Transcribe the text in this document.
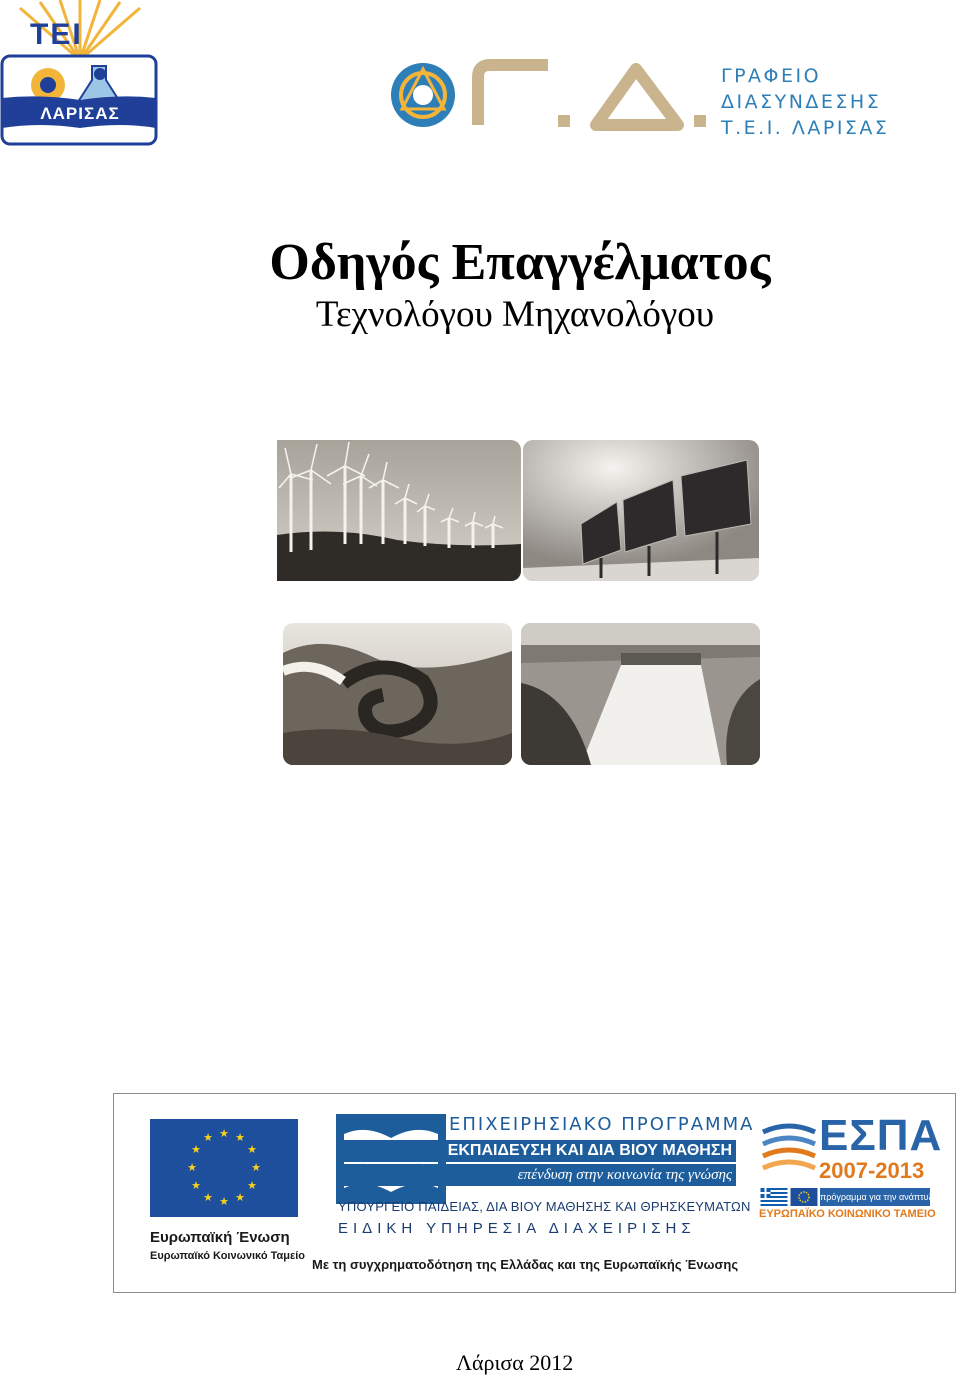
ΤΕΙ
ΛΑΡΙΣΑΣ
ΓΡΑΦΕΙΟ
ΔΙΑΣΥΝΔΕΣΗΣ
Τ.Ε.Ι. ΛΑΡΙΣΑΣ
Οδηγός Επαγγέλματος
Τεχνολόγου Μηχανολόγου
★ ★
★
★
★
★
★
★
★
★
★
★
Ευρωπαϊκή Ένωση
Ευρωπαϊκό Κοινωνικό Ταμείο
ΕΠΙΧΕΙΡΗΣΙΑΚΟ ΠΡΟΓΡΑΜΜΑ
ΕΚΠΑΙΔΕΥΣΗ ΚΑΙ ΔΙΑ ΒΙΟΥ ΜΑΘΗΣΗ
επένδυση στην κοινωνία της γνώσης
ΥΠΟΥΡΓΕΙΟ ΠΑΙΔΕΙΑΣ, ΔΙΑ ΒΙΟΥ ΜΑΘΗΣΗΣ ΚΑΙ ΘΡΗΣΚΕΥΜΑΤΩΝ
ΕΙΔΙΚΗ ΥΠΗΡΕΣΙΑ ΔΙΑΧΕΙΡΙΣΗΣ
ΕΣΠΑ
2007-2013
πρόγραμμα για την ανάπτυξη
ΕΥΡΩΠΑΪΚΟ ΚΟΙΝΩΝΙΚΟ ΤΑΜΕΙΟ
Με τη συγχρηματοδότηση της Ελλάδας και της Ευρωπαϊκής Ένωσης
Λάρισα 2012
